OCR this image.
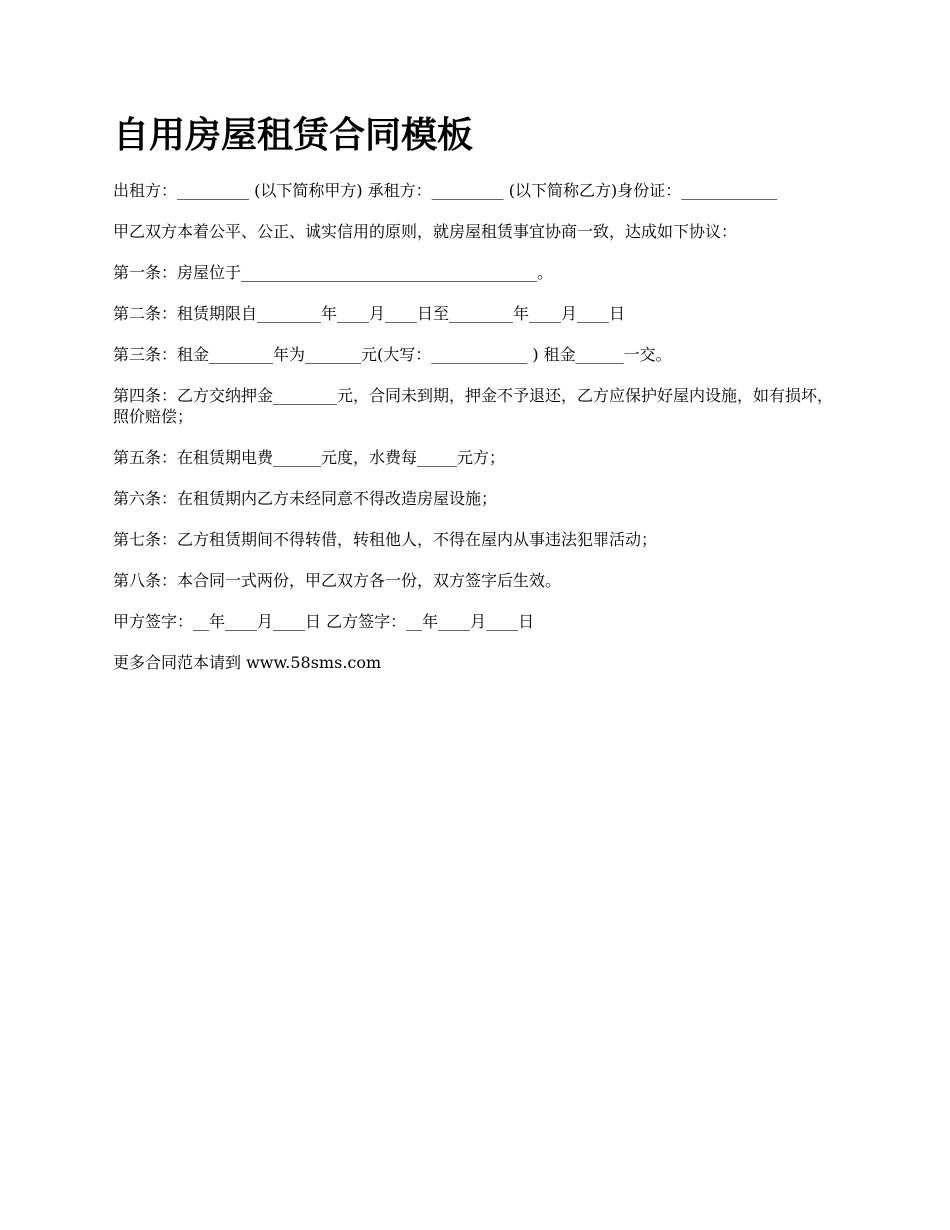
自用房屋租赁合同模板

出租方：_________ (以下简称甲方) 承租方：_________ (以下简称乙方)身份证：____________

甲乙双方本着公平、公正、诚实信用的原则，就房屋租赁事宜协商一致，达成如下协议：

第一条：房屋位于_____________________________________。

第二条：租赁期限自________年____月____日至________年____月____日

第三条：租金________年为_______元(大写：____________ ) 租金______一交。

第四条：乙方交纳押金________元，合同未到期，押金不予退还，乙方应保护好屋内设施，如有损坏，照价赔偿；

第五条：在租赁期电费______元度，水费每_____元方；

第六条：在租赁期内乙方未经同意不得改造房屋设施；

第七条：乙方租赁期间不得转借，转租他人，不得在屋内从事违法犯罪活动；

第八条：本合同一式两份，甲乙双方各一份，双方签字后生效。

甲方签字：__年____月____日 乙方签字：__年____月____日

更多合同范本请到 www.58sms.com
